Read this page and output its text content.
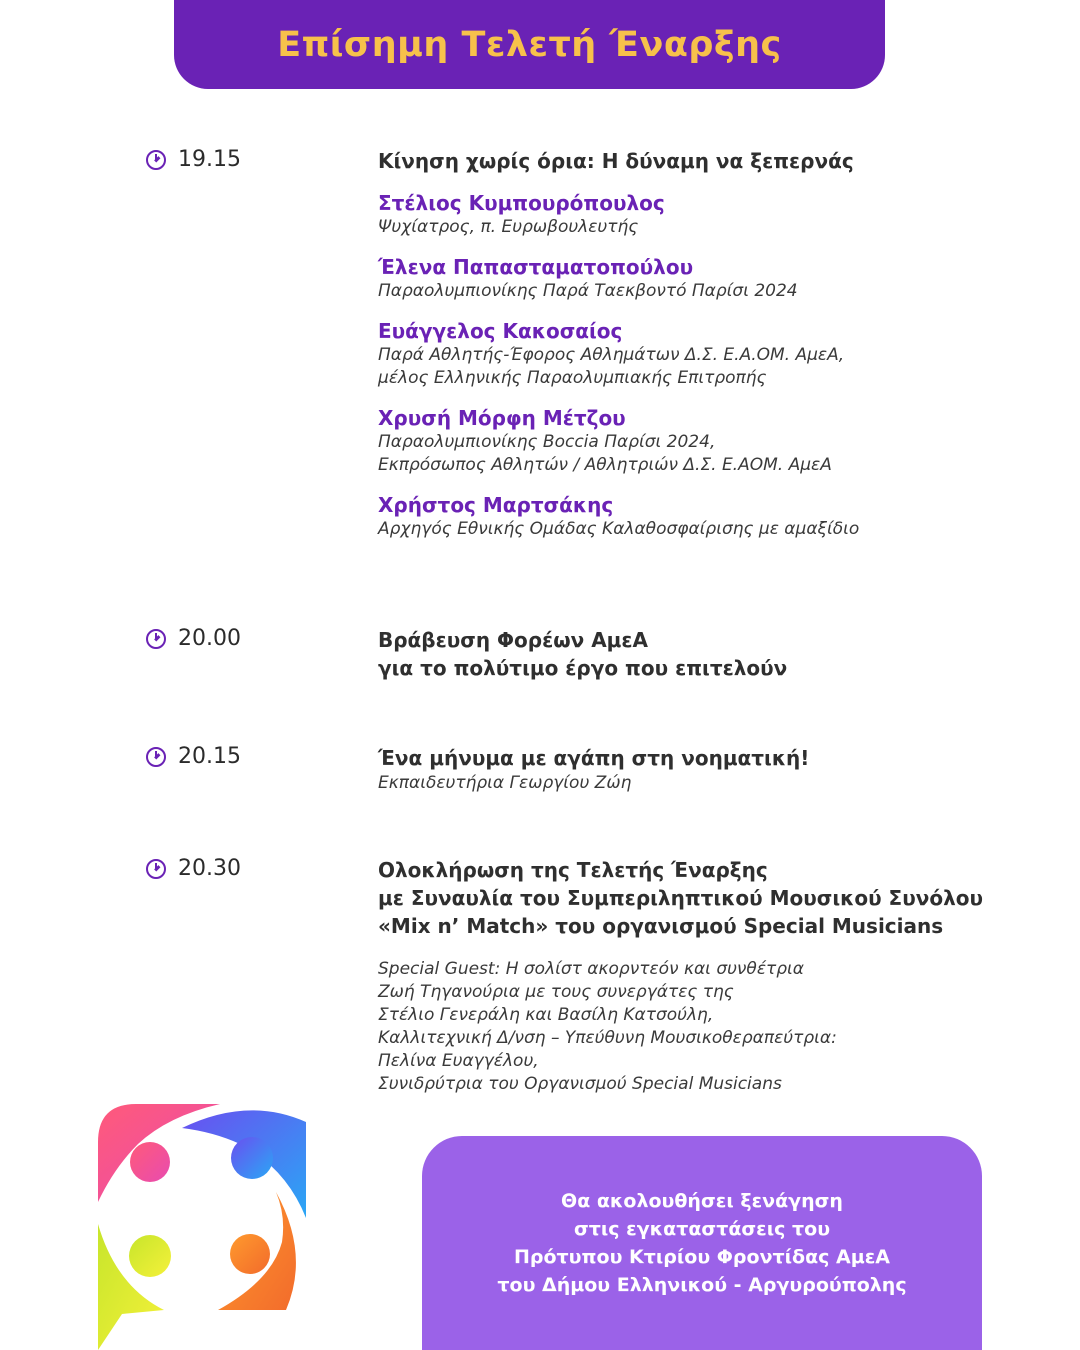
Επίσημη Τελετή Έναρξης
19.15	Κίνηση χωρίς όρια: Η δύναμη να ξεπερνάς
Στέλιος Κυμπουρόπουλος
Ψυχίατρος, π. Ευρωβουλευτής
Έλενα Παπασταματοπούλου
Παραολυμπιονίκης Παρά Ταεκβοντό Παρίσι 2024
Ευάγγελος Κακοσαίος
Παρά Αθλητής-Έφορος Αθλημάτων Δ.Σ. Ε.Α.ΟΜ. ΑμεΑ,
μέλος Ελληνικής Παραολυμπιακής Επιτροπής
Χρυσή Μόρφη Μέτζου
Παραολυμπιονίκης Boccia Παρίσι 2024,
Εκπρόσωπος Αθλητών / Αθλητριών Δ.Σ. Ε.ΑΟΜ. ΑμεΑ
Χρήστος Μαρτσάκης
Αρχηγός Εθνικής Ομάδας Καλαθοσφαίρισης με αμαξίδιο
20.00	Βράβευση Φορέων ΑμεΑ
για το πολύτιμο έργο που επιτελούν
20.15	Ένα μήνυμα με αγάπη στη νοηματική!
Εκπαιδευτήρια Γεωργίου Ζώη
20.30	Ολοκλήρωση της Τελετής Έναρξης
με Συναυλία του Συμπεριληπτικού Μουσικού Συνόλου
«Mix n’ Match» του οργανισμού Special Musicians
Special Guest: Η σολίστ ακορντεόν και συνθέτρια
Ζωή Τηγανούρια με τους συνεργάτες της
Στέλιο Γενεράλη και Βασίλη Κατσούλη,
Καλλιτεχνική Δ/νση – Υπεύθυνη Μουσικοθεραπεύτρια:
Πελίνα Ευαγγέλου,
Συνιδρύτρια του Οργανισμού Special Musicians
Θα ακολουθήσει ξενάγηση
στις εγκαταστάσεις του
Πρότυπου Κτιρίου Φροντίδας ΑμεΑ
του Δήμου Ελληνικού - Αργυρούπολης
